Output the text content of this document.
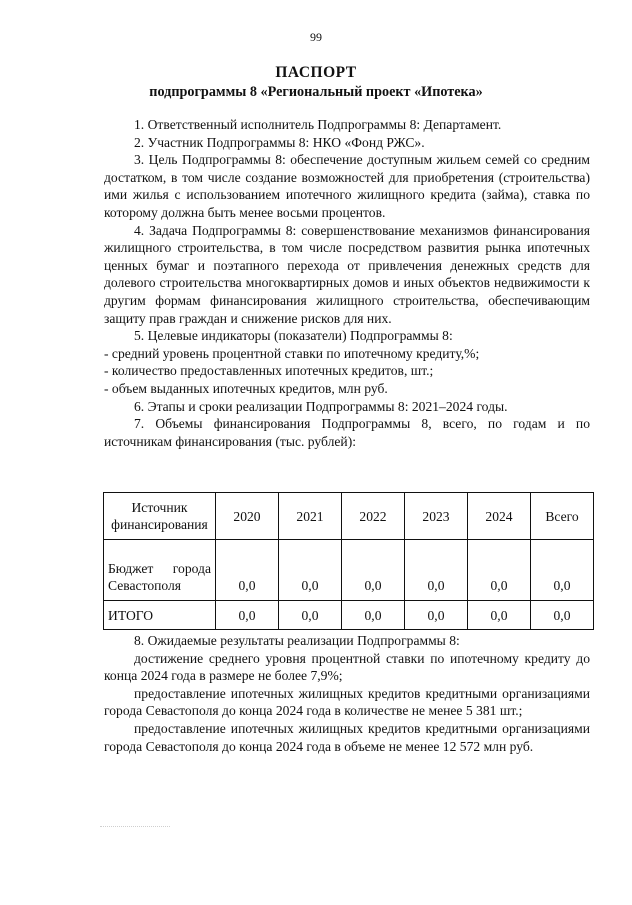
99
ПАСПОРТ
подпрограммы 8 «Региональный проект «Ипотека»

1. Ответственный исполнитель Подпрограммы 8: Департамент.

2. Участник Подпрограммы 8: НКО «Фонд РЖС».

3. Цель Подпрограммы 8: обеспечение доступным жильем семей со средним достатком, в том числе создание возможностей для приобретения (строительства) ими жилья с использованием ипотечного жилищного кредита (займа), ставка по которому должна быть менее восьми процентов.

4. Задача Подпрограммы 8: совершенствование механизмов финансирования жилищного строительства, в том числе посредством развития рынка ипотечных ценных бумаг и поэтапного перехода от привлечения денежных средств для долевого строительства многоквартирных домов и иных объектов недвижимости к другим формам финансирования жилищного строительства, обеспечивающим защиту прав граждан и снижение рисков для них.

5. Целевые индикаторы (показатели) Подпрограммы 8:

- средний уровень процентной ставки по ипотечному кредиту,%;

- количество предоставленных ипотечных кредитов, шт.;

- объем выданных ипотечных кредитов, млн руб.

6. Этапы и сроки реализации Подпрограммы 8: 2021–2024 годы.

7. Объемы финансирования Подпрограммы 8, всего, по годам и по источникам финансирования (тыс. рублей):

Источник финансирования	2020	2021	2022	2023	2024	Всего
Бюджет города Севастополя	0,0	0,0	0,0	0,0	0,0	0,0
ИТОГО	0,0	0,0	0,0	0,0	0,0	0,0

8. Ожидаемые результаты реализации Подпрограммы 8:

достижение среднего уровня процентной ставки по ипотечному кредиту до конца 2024 года в размере не более 7,9%;

предоставление ипотечных жилищных кредитов кредитными организациями города Севастополя до конца 2024 года в количестве не менее 5 381 шт.;

предоставление ипотечных жилищных кредитов кредитными организациями города Севастополя до конца 2024 года в объеме не менее 12 572 млн руб.
